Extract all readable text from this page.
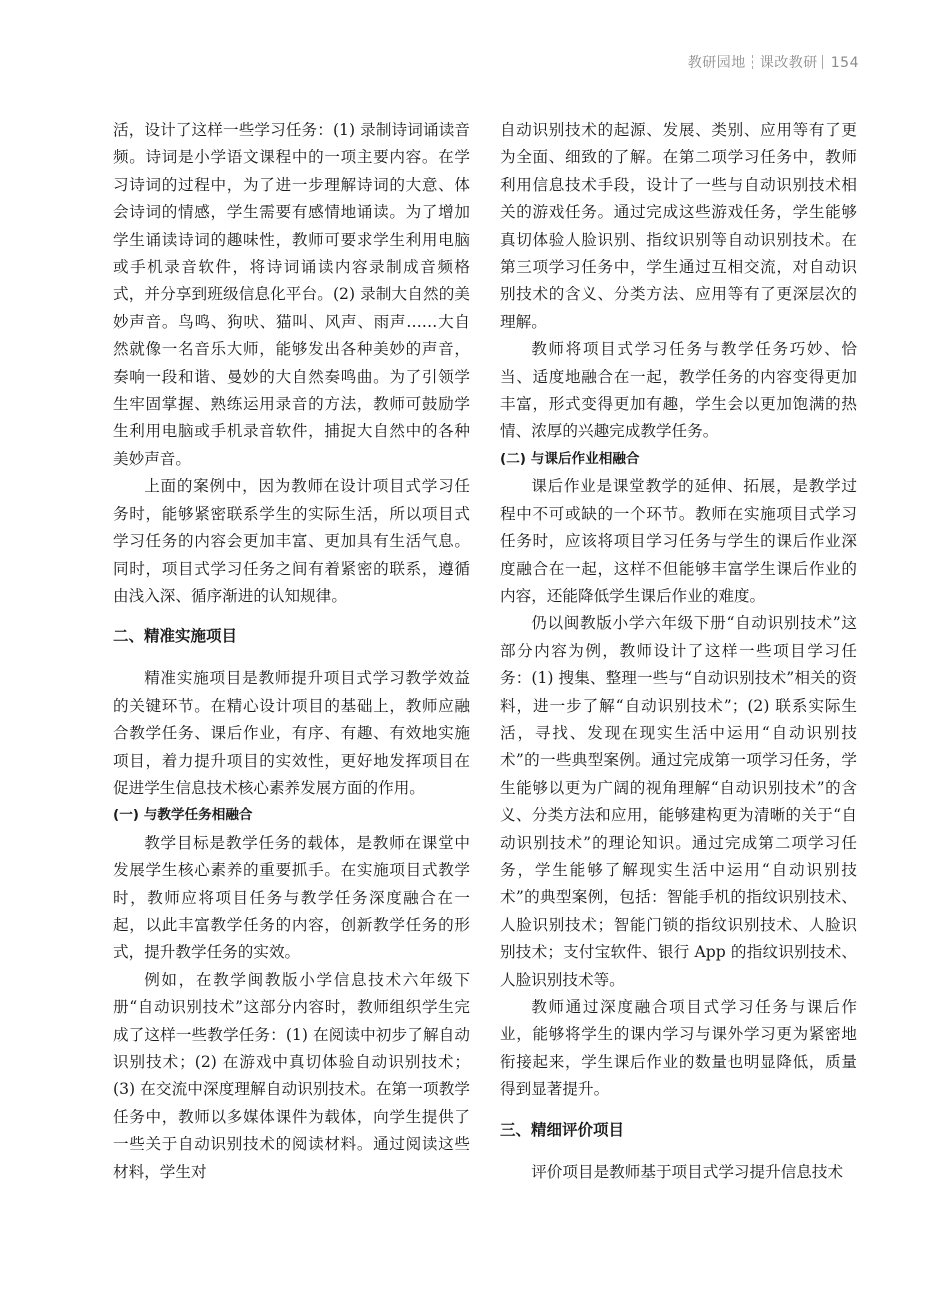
教研园地 课改教研 154

活，设计了这样一些学习任务：(1) 录制诗词诵读音频。诗词是小学语文课程中的一项主要内容。在学习诗词的过程中，为了进一步理解诗词的大意、体会诗词的情感，学生需要有感情地诵读。为了增加学生诵读诗词的趣味性，教师可要求学生利用电脑或手机录音软件，将诗词诵读内容录制成音频格式，并分享到班级信息化平台。(2) 录制大自然的美妙声音。鸟鸣、狗吠、猫叫、风声、雨声……大自然就像一名音乐大师，能够发出各种美妙的声音，奏响一段和谐、曼妙的大自然奏鸣曲。为了引领学生牢固掌握、熟练运用录音的方法，教师可鼓励学生利用电脑或手机录音软件，捕捉大自然中的各种美妙声音。

上面的案例中，因为教师在设计项目式学习任务时，能够紧密联系学生的实际生活，所以项目式学习任务的内容会更加丰富、更加具有生活气息。同时，项目式学习任务之间有着紧密的联系，遵循由浅入深、循序渐进的认知规律。

二、精准实施项目

精准实施项目是教师提升项目式学习教学效益的关键环节。在精心设计项目的基础上，教师应融合教学任务、课后作业，有序、有趣、有效地实施项目，着力提升项目的实效性，更好地发挥项目在促进学生信息技术核心素养发展方面的作用。

(一) 与教学任务相融合

教学目标是教学任务的载体，是教师在课堂中发展学生核心素养的重要抓手。在实施项目式教学时，教师应将项目任务与教学任务深度融合在一起，以此丰富教学任务的内容，创新教学任务的形式，提升教学任务的实效。

例如，在教学闽教版小学信息技术六年级下册“自动识别技术”这部分内容时，教师组织学生完成了这样一些教学任务：(1) 在阅读中初步了解自动识别技术；(2) 在游戏中真切体验自动识别技术；(3) 在交流中深度理解自动识别技术。在第一项教学任务中，教师以多媒体课件为载体，向学生提供了一些关于自动识别技术的阅读材料。通过阅读这些材料，学生对

自动识别技术的起源、发展、类别、应用等有了更为全面、细致的了解。在第二项学习任务中，教师利用信息技术手段，设计了一些与自动识别技术相关的游戏任务。通过完成这些游戏任务，学生能够真切体验人脸识别、指纹识别等自动识别技术。在第三项学习任务中，学生通过互相交流，对自动识别技术的含义、分类方法、应用等有了更深层次的理解。

教师将项目式学习任务与教学任务巧妙、恰当、适度地融合在一起，教学任务的内容变得更加丰富，形式变得更加有趣，学生会以更加饱满的热情、浓厚的兴趣完成教学任务。

(二) 与课后作业相融合

课后作业是课堂教学的延伸、拓展，是教学过程中不可或缺的一个环节。教师在实施项目式学习任务时，应该将项目学习任务与学生的课后作业深度融合在一起，这样不但能够丰富学生课后作业的内容，还能降低学生课后作业的难度。

仍以闽教版小学六年级下册“自动识别技术”这部分内容为例，教师设计了这样一些项目学习任务：(1) 搜集、整理一些与“自动识别技术”相关的资料，进一步了解“自动识别技术”；(2) 联系实际生活，寻找、发现在现实生活中运用“自动识别技术”的一些典型案例。通过完成第一项学习任务，学生能够以更为广阔的视角理解“自动识别技术”的含义、分类方法和应用，能够建构更为清晰的关于“自动识别技术”的理论知识。通过完成第二项学习任务，学生能够了解现实生活中运用“自动识别技术”的典型案例，包括：智能手机的指纹识别技术、人脸识别技术；智能门锁的指纹识别技术、人脸识别技术；支付宝软件、银行 App 的指纹识别技术、人脸识别技术等。

教师通过深度融合项目式学习任务与课后作业，能够将学生的课内学习与课外学习更为紧密地衔接起来，学生课后作业的数量也明显降低，质量得到显著提升。

三、精细评价项目

评价项目是教师基于项目式学习提升信息技术
